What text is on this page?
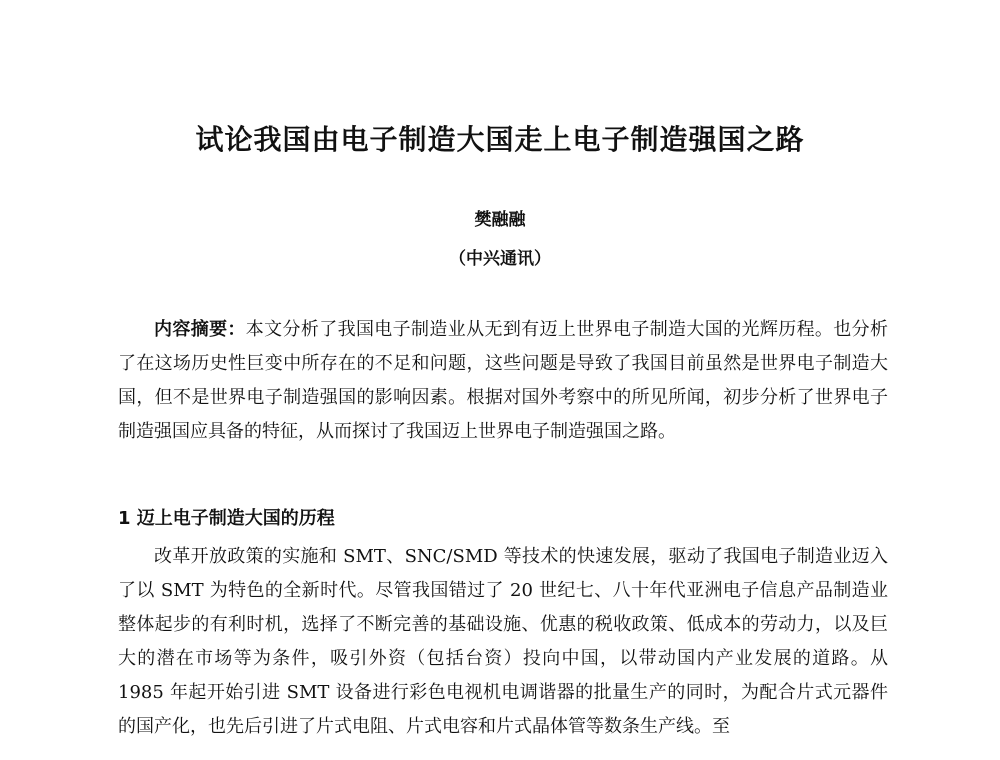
试论我国由电子制造大国走上电子制造强国之路
樊融融
（中兴通讯）

内容摘要：本文分析了我国电子制造业从无到有迈上世界电子制造大国的光辉历程。也分析了在这场历史性巨变中所存在的不足和问题，这些问题是导致了我国目前虽然是世界电子制造大国，但不是世界电子制造强国的影响因素。根据对国外考察中的所见所闻，初步分析了世界电子制造强国应具备的特征，从而探讨了我国迈上世界电子制造强国之路。

1 迈上电子制造大国的历程

改革开放政策的实施和 SMT、SNC/SMD 等技术的快速发展，驱动了我国电子制造业迈入了以 SMT 为特色的全新时代。尽管我国错过了 20 世纪七、八十年代亚洲电子信息产品制造业整体起步的有利时机，选择了不断完善的基础设施、优惠的税收政策、低成本的劳动力，以及巨大的潜在市场等为条件，吸引外资（包括台资）投向中国，以带动国内产业发展的道路。从 1985 年起开始引进 SMT 设备进行彩色电视机电调谐器的批量生产的同时，为配合片式元器件的国产化，也先后引进了片式电阻、片式电容和片式晶体管等数条生产线。至
